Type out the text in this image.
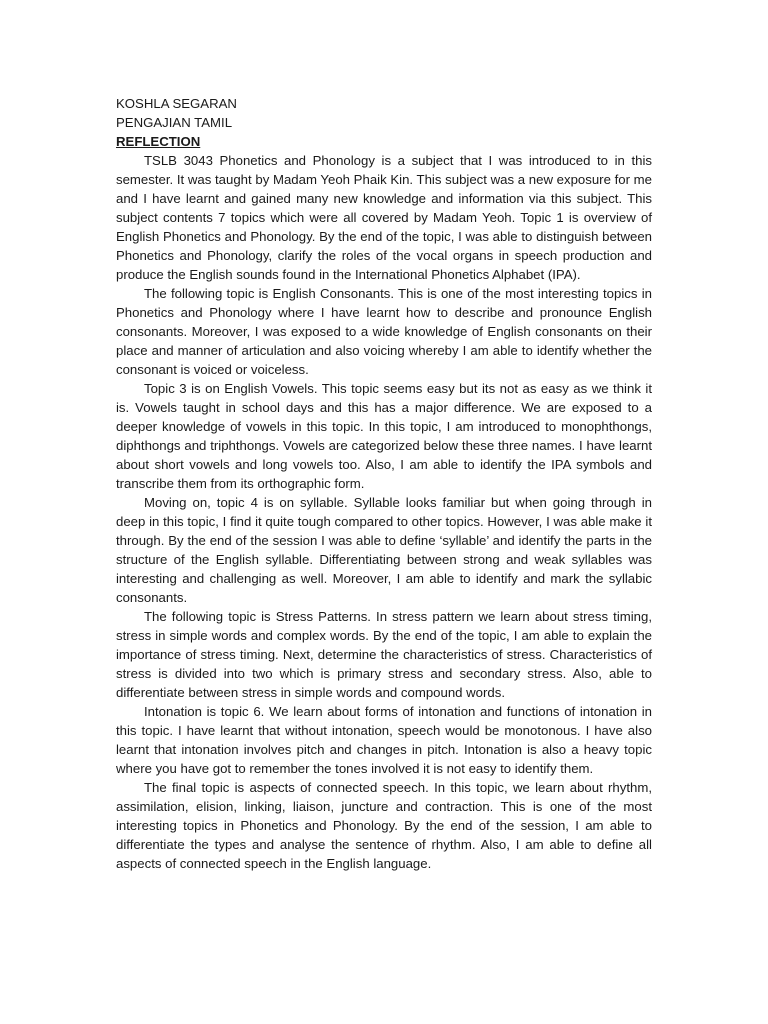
KOSHLA SEGARAN
PENGAJIAN TAMIL
REFLECTION

TSLB 3043 Phonetics and Phonology is a subject that I was introduced to in this semester. It was taught by Madam Yeoh Phaik Kin. This subject was a new exposure for me and I have learnt and gained many new knowledge and information via this subject. This subject contents 7 topics which were all covered by Madam Yeoh. Topic 1 is overview of English Phonetics and Phonology. By the end of the topic, I was able to distinguish between Phonetics and Phonology, clarify the roles of the vocal organs in speech production and produce the English sounds found in the International Phonetics Alphabet (IPA).

The following topic is English Consonants. This is one of the most interesting topics in Phonetics and Phonology where I have learnt how to describe and pronounce English consonants. Moreover, I was exposed to a wide knowledge of English consonants on their place and manner of articulation and also voicing whereby I am able to identify whether the consonant is voiced or voiceless.

Topic 3 is on English Vowels. This topic seems easy but its not as easy as we think it is. Vowels taught in school days and this has a major difference. We are exposed to a deeper knowledge of vowels in this topic. In this topic, I am introduced to monophthongs, diphthongs and triphthongs. Vowels are categorized below these three names. I have learnt about short vowels and long vowels too. Also, I am able to identify the IPA symbols and transcribe them from its orthographic form.

Moving on, topic 4 is on syllable. Syllable looks familiar but when going through in deep in this topic, I find it quite tough compared to other topics. However, I was able make it through. By the end of the session I was able to define ‘syllable’ and identify the parts in the structure of the English syllable. Differentiating between strong and weak syllables was interesting and challenging as well. Moreover, I am able to identify and mark the syllabic consonants.

The following topic is Stress Patterns. In stress pattern we learn about stress timing, stress in simple words and complex words. By the end of the topic, I am able to explain the importance of stress timing. Next, determine the characteristics of stress. Characteristics of stress is divided into two which is primary stress and secondary stress. Also, able to differentiate between stress in simple words and compound words.

Intonation is topic 6. We learn about forms of intonation and functions of intonation in this topic. I have learnt that without intonation, speech would be monotonous. I have also learnt that intonation involves pitch and changes in pitch. Intonation is also a heavy topic where you have got to remember the tones involved it is not easy to identify them.

The final topic is aspects of connected speech. In this topic, we learn about rhythm, assimilation, elision, linking, liaison, juncture and contraction. This is one of the most interesting topics in Phonetics and Phonology. By the end of the session, I am able to differentiate the types and analyse the sentence of rhythm. Also, I am able to define all aspects of connected speech in the English language.
